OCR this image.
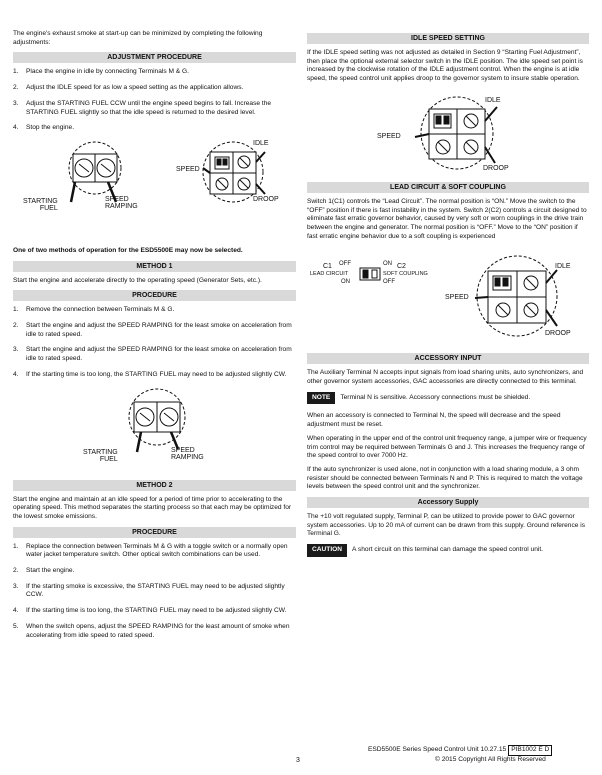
The engine's exhaust smoke at start-up can be minimized by completing the following adjustments:

ADJUSTMENT PROCEDURE
1.	Place the engine in idle by connecting Terminals M & G.
2.	Adjust the IDLE speed for as low a speed setting as the application allows.
3.	Adjust the STARTING FUEL CCW until the engine speed begins to fall. Increase the STARTING FUEL slightly so that the idle speed is returned to the desired level.
4.	Stop the engine.
STARTING
FUEL
SPEED
RAMPING
IDLE
SPEED
DROOP

One of two methods of operation for the ESD5500E may now be selected.

METHOD 1

Start the engine and accelerate directly to the operating speed (Generator Sets, etc.).

PROCEDURE
1.	Remove the connection between Terminals M & G.
2.	Start the engine and adjust the SPEED RAMPING for the least smoke on acceleration from idle to rated speed.
3.	Start the engine and adjust the SPEED RAMPING for the least smoke on acceleration from idle to rated speed.
4.	If the starting time is too long, the STARTING FUEL may need to be adjusted slightly CW.
STARTING
FUEL
SPEED
RAMPING
METHOD 2

Start the engine and maintain at an idle speed for a period of time prior to accelerating to the operating speed. This method separates the starting process so that each may be optimized for the lowest smoke emissions.

PROCEDURE
1.	Replace the connection between Terminals M & G with a toggle switch or a normally open water jacket temperature switch. Other optical switch combinations can be used.
2.	Start the engine.
3.	If the starting smoke is excessive, the STARTING FUEL may need to be adjusted slightly CCW.
4.	If the starting time is too long, the STARTING FUEL may need to be adjusted slightly CW.
5.	When the switch opens, adjust the SPEED RAMPING for the least amount of smoke when accelerating from idle speed to rated speed.
IDLE SPEED SETTING

If the IDLE speed setting was not adjusted as detailed in Section 9 “Starting Fuel Adjustment”, then place the optional external selector switch in the IDLE position. The idle speed set point is increased by the clockwise rotation of the IDLE adjustment control. When the engine is at idle speed, the speed control unit applies droop to the governor system to insure stable operation.

IDLE
SPEED
DROOP
LEAD CIRCUIT & SOFT COUPLING

Switch 1(C1) controls the “Lead Circuit”. The normal position is “ON.” Move the switch to the “OFF” position if there is fast instability in the system. Switch 2(C2) controls a circuit designed to eliminate fast erratic governor behavior, caused by very soft or worn couplings in the drive train between the engine and generator. The normal position is “OFF.” Move to the “ON” position if fast erratic engine behavior due to a soft coupling is experienced

C1 OFF
LEAD CIRCUIT
ON
ON C2
SOFT COUPLING
OFF
IDLE
SPEED
DROOP
ACCESSORY INPUT

The Auxiliary Terminal N accepts input signals from load sharing units, auto synchronizers, and other governor system accessories, GAC accessories are directly connected to this terminal.

NOTE	Terminal N is sensitive. Accessory connections must be shielded.

When an accessory is connected to Terminal N, the speed will decrease and the speed adjustment must be reset.

When operating in the upper end of the control unit frequency range, a jumper wire or frequency trim control may be required between Terminals G and J. This increases the frequency range of the speed control to over 7000 Hz.

If the auto synchronizer is used alone, not in conjunction with a load sharing module, a 3 ohm resister should be connected between Terminals N and P. This is required to match the voltage levels between the speed control unit and the synchronizer.

Accessory Supply

The +10 volt regulated supply, Terminal P, can be utilized to provide power to GAC governor system accessories. Up to 20 mA of current can be drawn from this supply. Ground reference is Terminal G.

CAUTION	A short circuit on this terminal can damage the speed control unit.
3
ESD5500E Series Speed Control Unit 10.27.15 PIB1002 E D
© 2015 Copyright All Rights Reserved
